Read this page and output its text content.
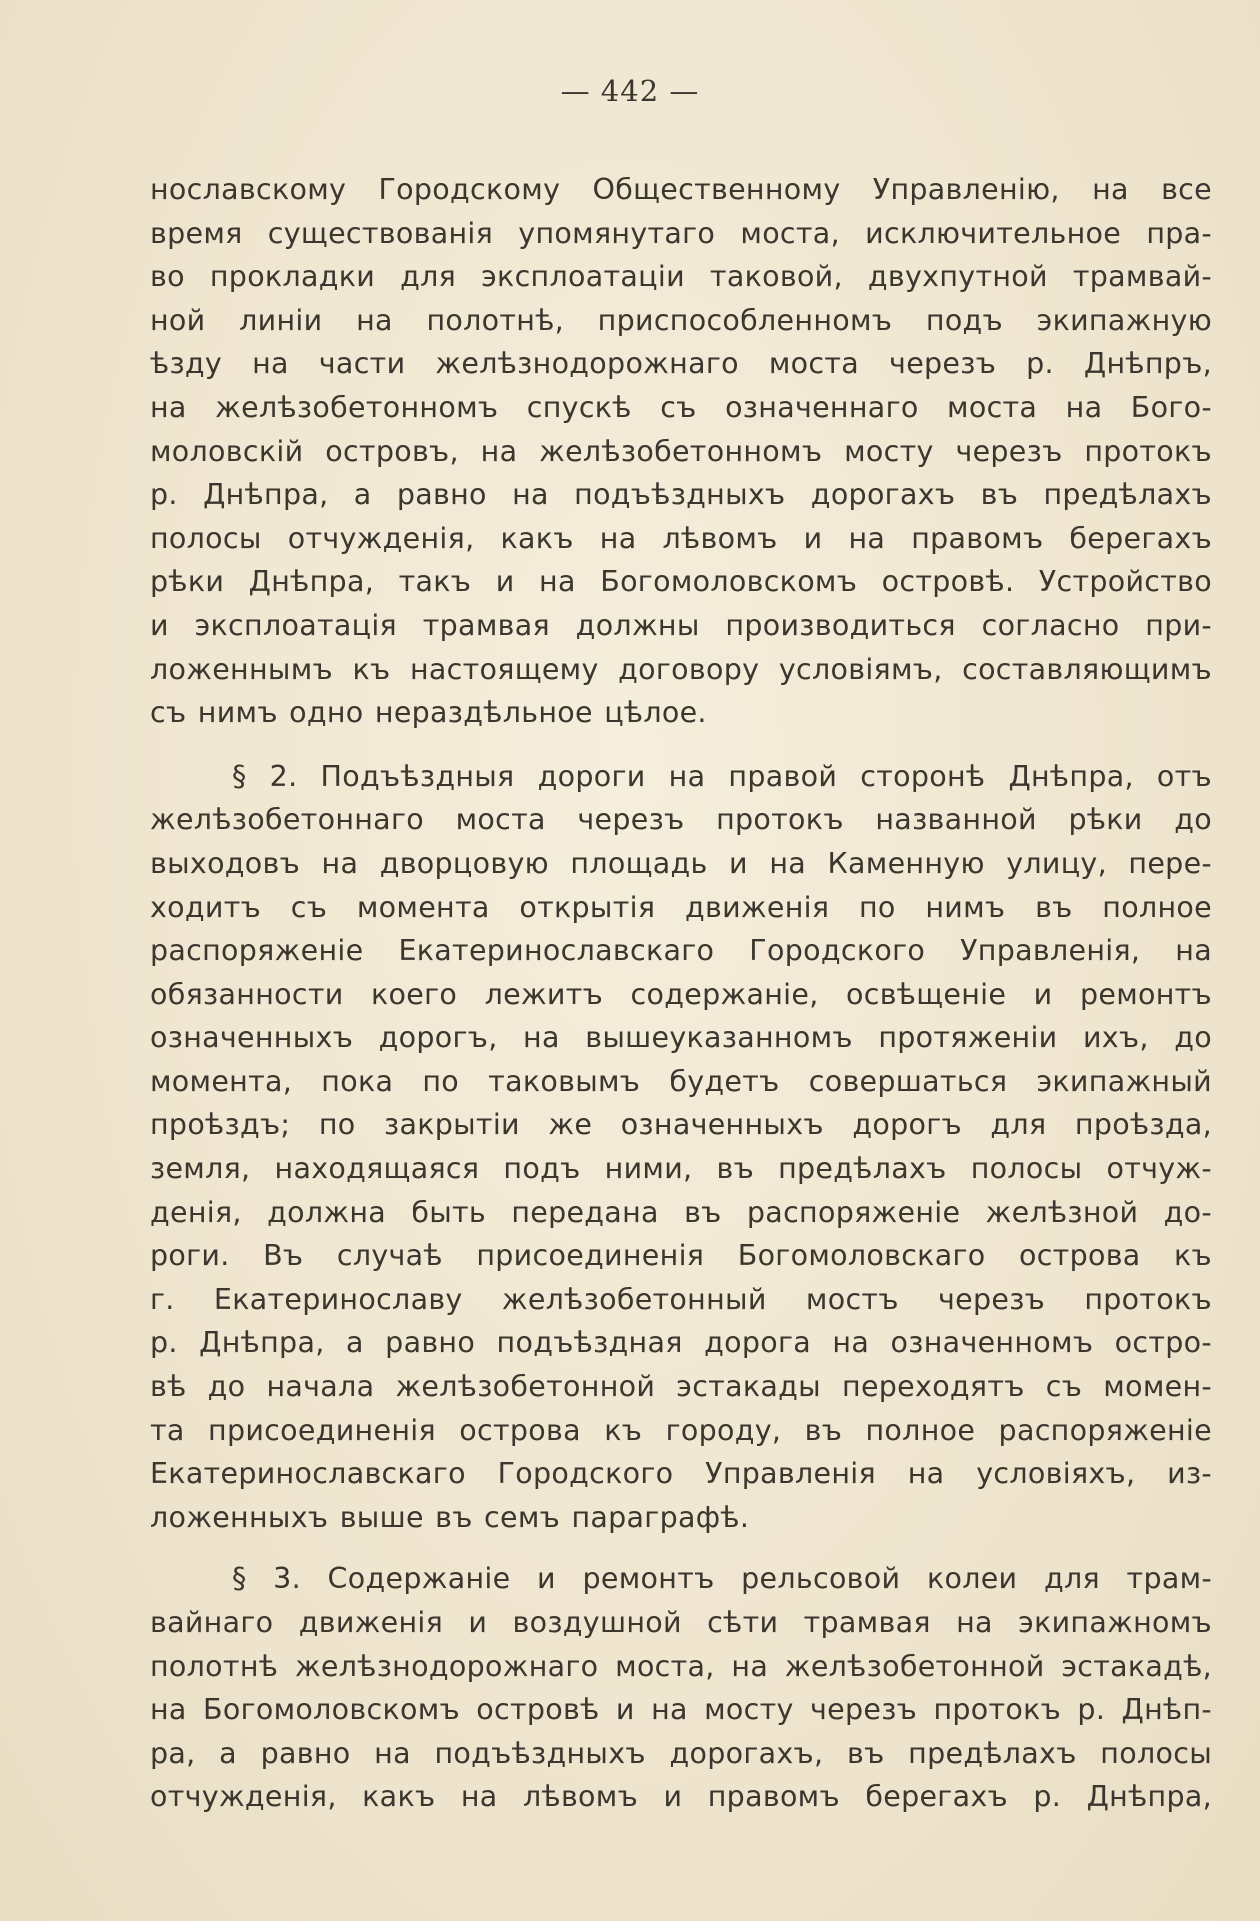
— 442 —

нославскому Городскому Общественному Управленію, на все
время существованія упомянутаго моста, исключительное пра-
во прокладки для эксплоатаціи таковой, двухпутной трамвай-
ной линіи на полотнѣ, приспособленномъ подъ экипажную
ѣзду на части желѣзнодорожнаго моста черезъ р. Днѣпръ,
на желѣзобетонномъ спускѣ съ означеннаго моста на Бого-
моловскій островъ, на желѣзобетонномъ мосту черезъ протокъ
р. Днѣпра, а равно на подъѣздныхъ дорогахъ въ предѣлахъ
полосы отчужденія, какъ на лѣвомъ и на правомъ берегахъ
рѣки Днѣпра, такъ и на Богомоловскомъ островѣ. Устройство
и эксплоатація трамвая должны производиться согласно при-
ложеннымъ къ настоящему договору условіямъ, составляющимъ
съ нимъ одно нераздѣльное цѣлое.

§ 2. Подъѣздныя дороги на правой сторонѣ Днѣпра, отъ
желѣзобетоннаго моста черезъ протокъ названной рѣки до
выходовъ на дворцовую площадь и на Каменную улицу, пере-
ходитъ съ момента открытія движенія по нимъ въ полное
распоряженіе Екатеринославскаго Городского Управленія, на
обязанности коего лежитъ содержаніе, освѣщеніе и ремонтъ
означенныхъ дорогъ, на вышеуказанномъ протяженіи ихъ, до
момента, пока по таковымъ будетъ совершаться экипажный
проѣздъ; по закрытіи же означенныхъ дорогъ для проѣзда,
земля, находящаяся подъ ними, въ предѣлахъ полосы отчуж-
денія, должна быть передана въ распоряженіе желѣзной до-
роги. Въ случаѣ присоединенія Богомоловскаго острова къ
г. Екатеринославу желѣзобетонный мостъ черезъ протокъ
р. Днѣпра, а равно подъѣздная дорога на означенномъ остро-
вѣ до начала желѣзобетонной эстакады переходятъ съ момен-
та присоединенія острова къ городу, въ полное распоряженіе
Екатеринославскаго Городского Управленія на условіяхъ, из-
ложенныхъ выше въ семъ параграфѣ.

§ 3. Содержаніе и ремонтъ рельсовой колеи для трам-
вайнаго движенія и воздушной сѣти трамвая на экипажномъ
полотнѣ желѣзнодорожнаго моста, на желѣзобетонной эстакадѣ,
на Богомоловскомъ островѣ и на мосту черезъ протокъ р. Днѣп-
ра, а равно на подъѣздныхъ дорогахъ, въ предѣлахъ полосы
отчужденія, какъ на лѣвомъ и правомъ берегахъ р. Днѣпра,
